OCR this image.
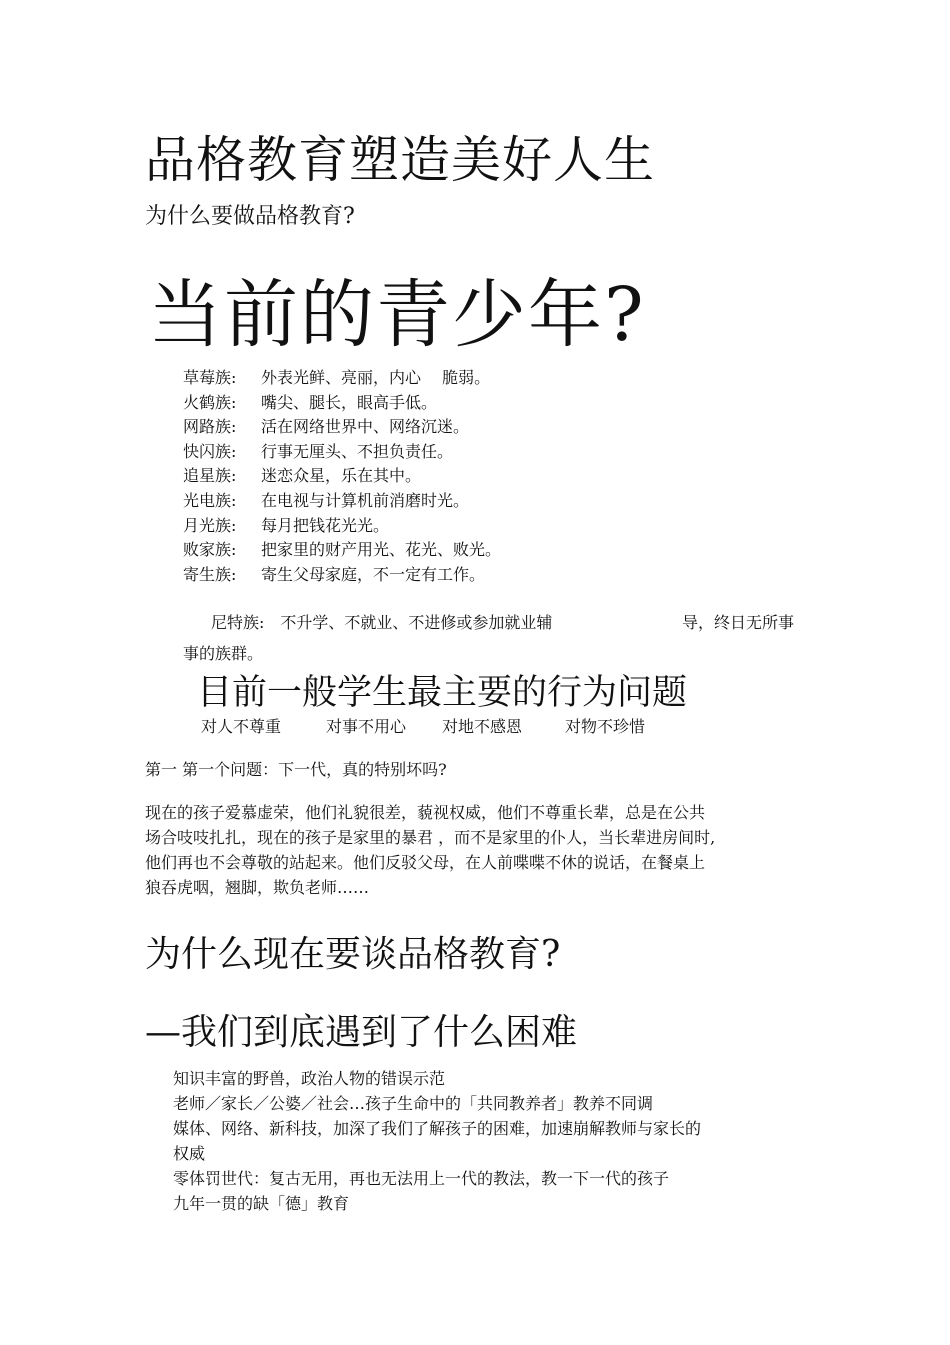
品格教育塑造美好人生
为什么要做品格教育?
当前的青少年?
草莓族:	外表光鲜、亮丽，内心　 脆弱。
火鹤族:	嘴尖、腿长，眼高手低。
网路族:	活在网络世界中、网络沉迷。
快闪族:	行事无厘头、不担负责任。
追星族:	迷恋众星，乐在其中。
光电族:	在电视与计算机前消磨时光。
月光族:	每月把钱花光光。
败家族:	把家里的财产用光、花光、败光。
寄生族:	寄生父母家庭，不一定有工作。
尼特族:　不升学、不就业、不进修或参加就业辅	导，终日无所事
事的族群。
目前一般学生最主要的行为问题
对人不尊重	对事不用心 对地不感恩	对物不珍惜
第一 第一个问题：下一代，真的特别坏吗?
现在的孩子爱慕虚荣，他们礼貌很差，藐视权威，他们不尊重长辈，总是在公共
场合吱吱扎扎，现在的孩子是家里的暴君 ，而不是家里的仆人，当长辈进房间时,
他们再也不会尊敬的站起来。他们反驳父母，在人前喋喋不休的说话，在餐桌上
狼吞虎咽，翘脚，欺负老师……
为什么现在要谈品格教育?
—我们到底遇到了什么困难
知识丰富的野兽，政治人物的错误示范
老师／家长／公婆／社会…孩子生命中的「共同教养者」教养不同调
媒体、网络、新科技，加深了我们了解孩子的困难，加速崩解教师与家长的
权威
零体罚世代：复古无用，再也无法用上一代的教法，教一下一代的孩子
九年一贯的缺「德」教育
